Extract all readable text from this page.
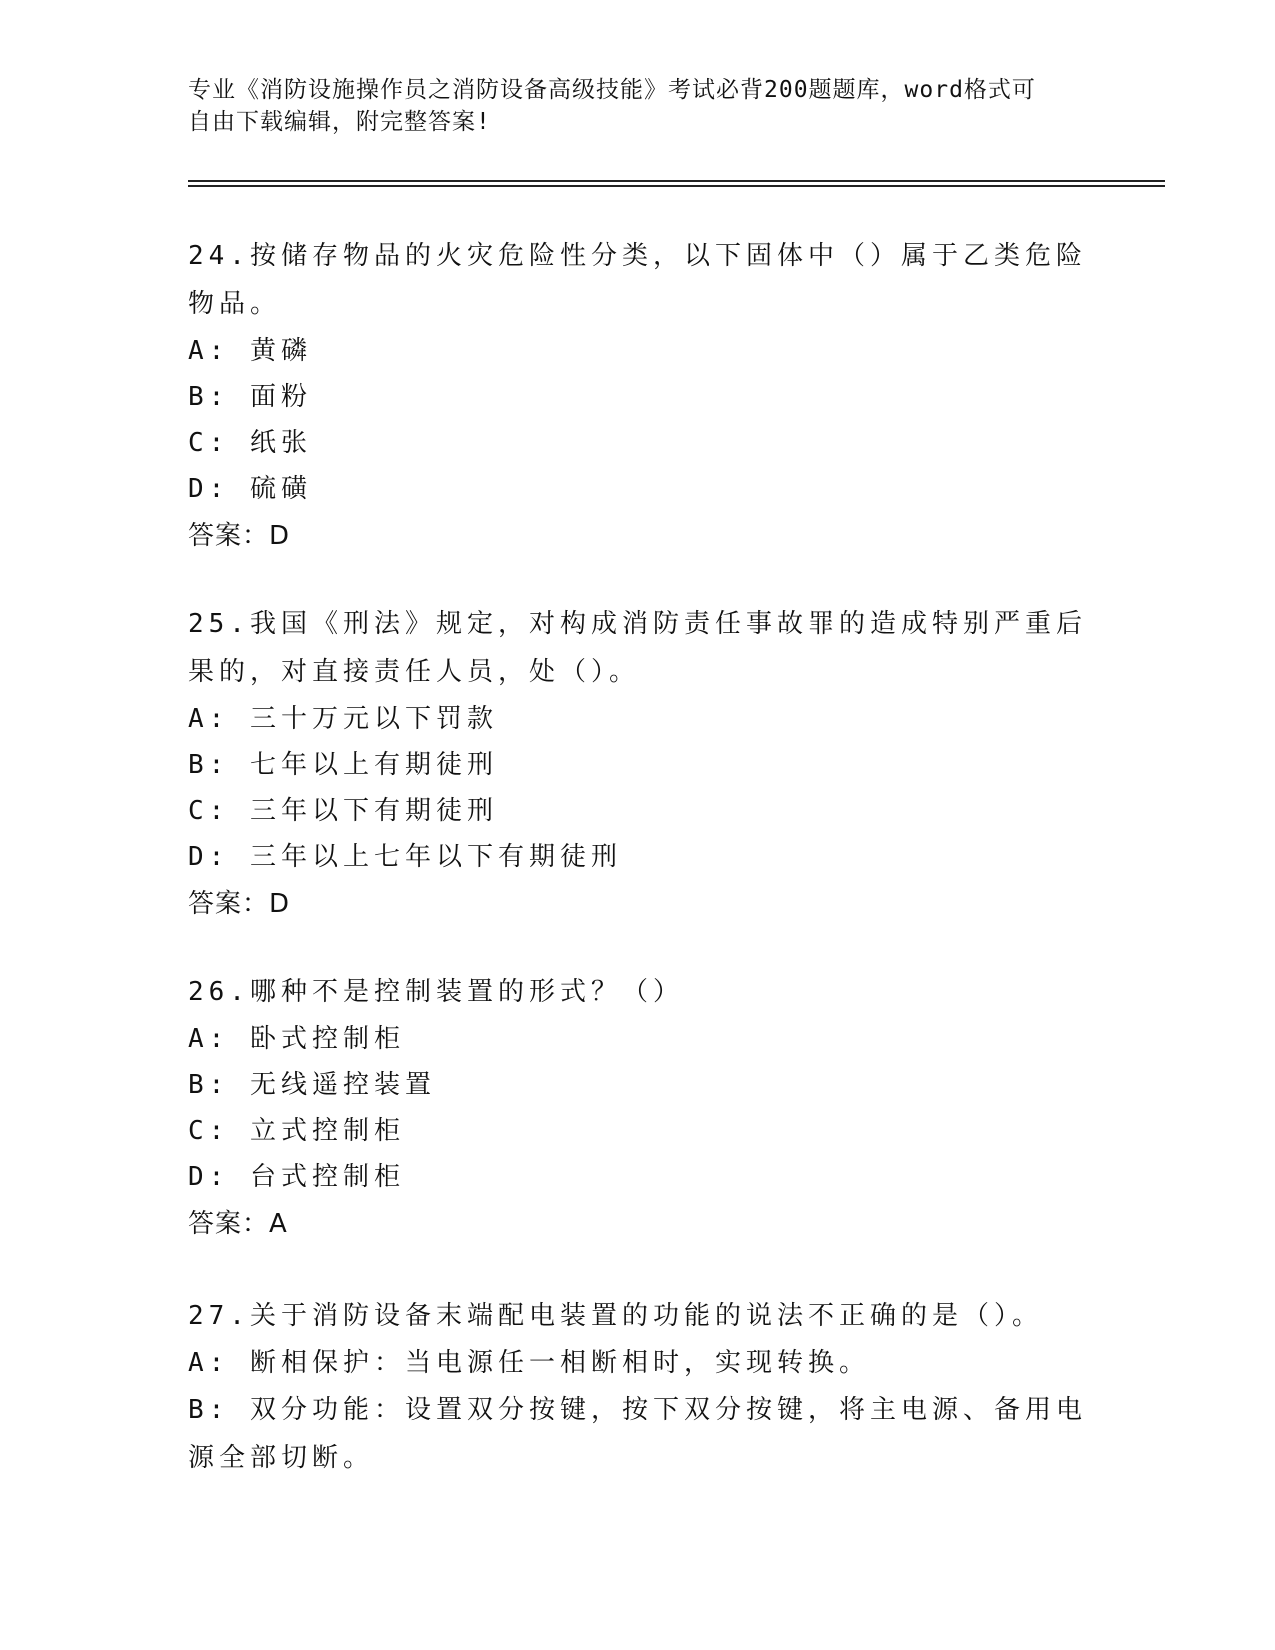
专业《消防设施操作员之消防设备高级技能》考试必背200题题库，word格式可
自由下载编辑，附完整答案!
24.按储存物品的火灾危险性分类，以下固体中（）属于乙类危险物品。
A: 黄磷
B: 面粉
C: 纸张
D: 硫磺
答案：D
25.我国《刑法》规定，对构成消防责任事故罪的造成特别严重后果的，对直接责任人员，处（）。
A: 三十万元以下罚款
B: 七年以上有期徒刑
C: 三年以下有期徒刑
D: 三年以上七年以下有期徒刑
答案：D
26.哪种不是控制装置的形式？（）
A: 卧式控制柜
B: 无线遥控装置
C: 立式控制柜
D: 台式控制柜
答案：A
27.关于消防设备末端配电装置的功能的说法不正确的是（）。
A: 断相保护：当电源任一相断相时，实现转换。
B: 双分功能：设置双分按键，按下双分按键，将主电源、备用电源全部切断。
